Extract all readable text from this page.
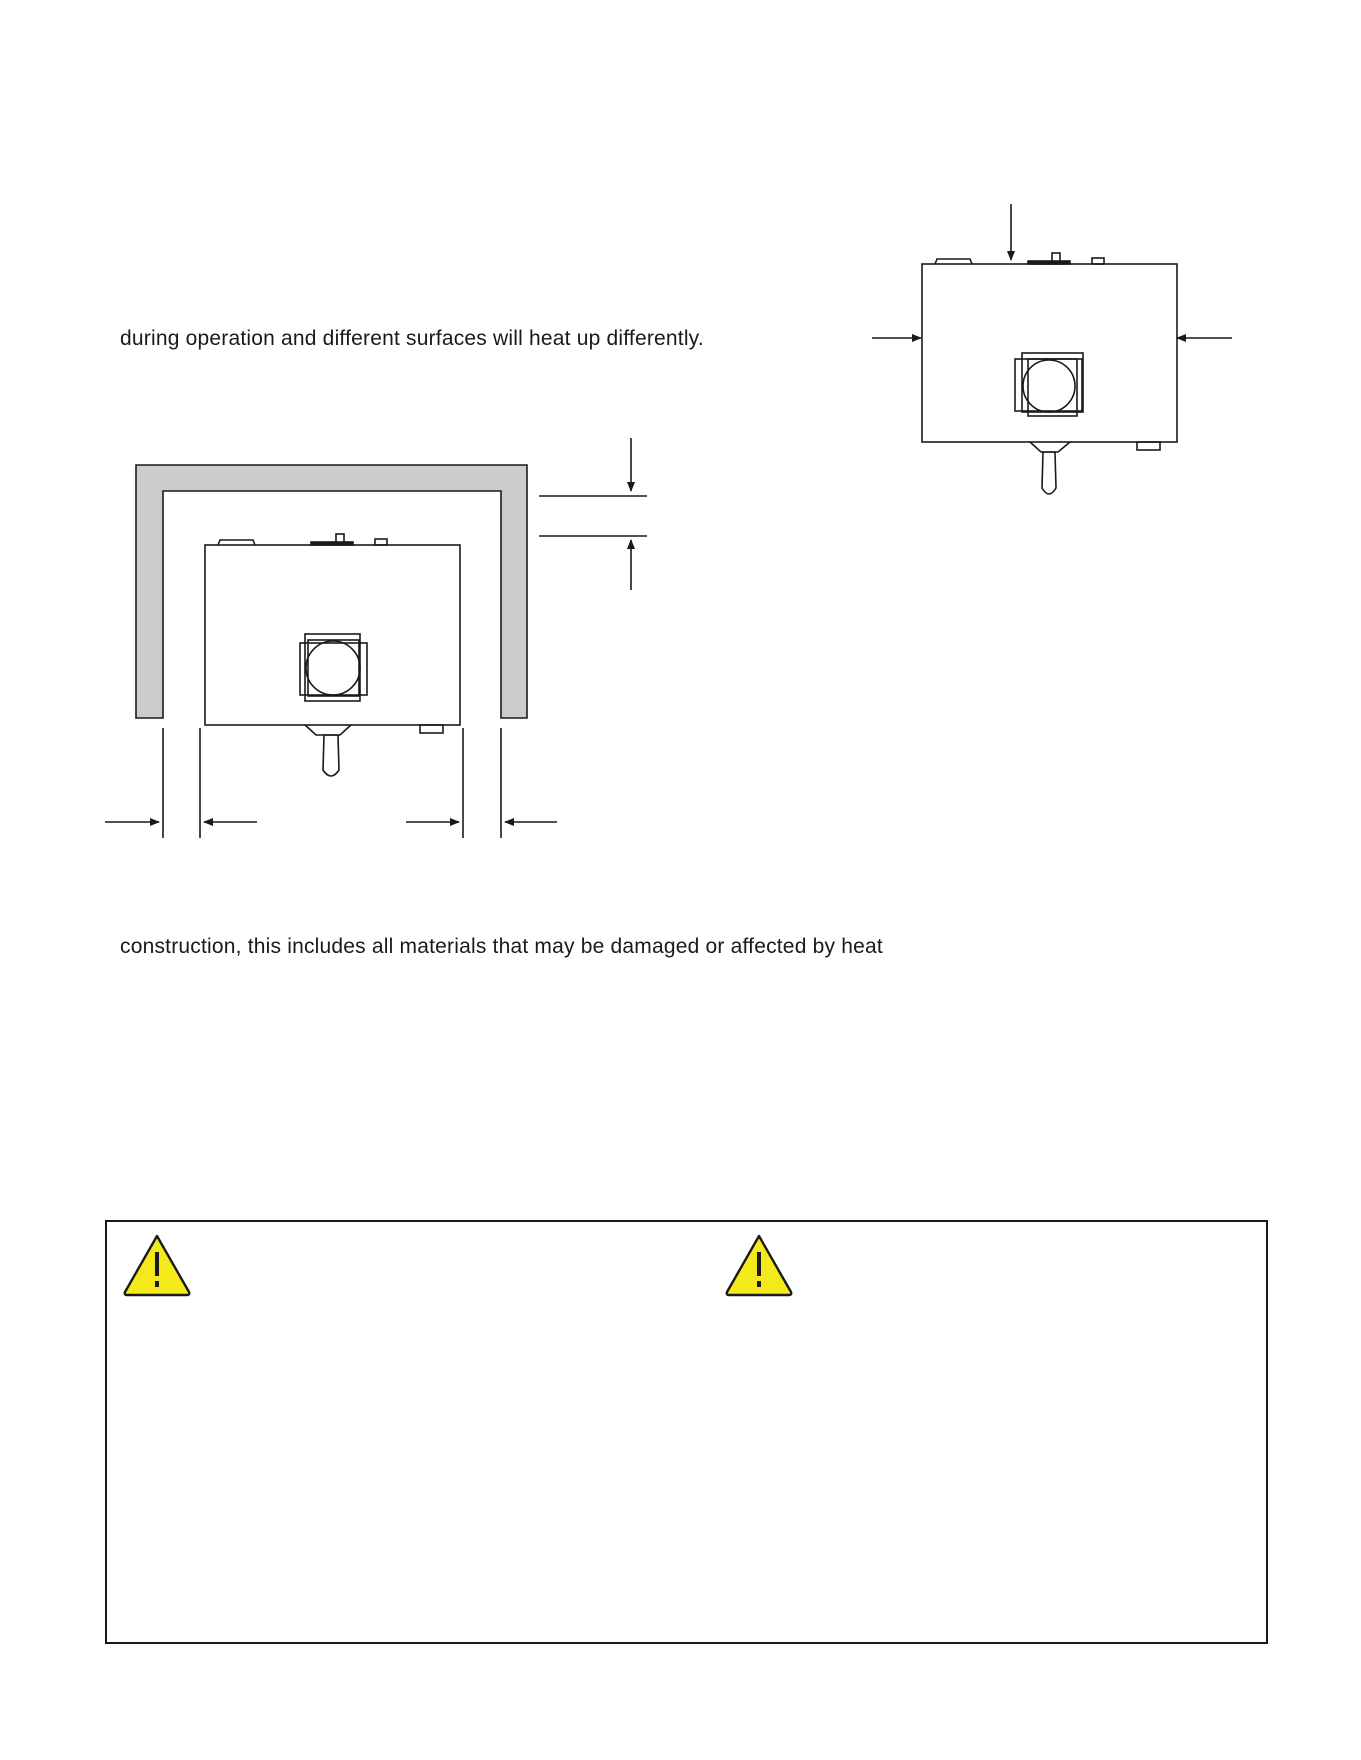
during operation and different surfaces will heat up differently.
construction, this includes all materials that may be damaged or affected by heat
